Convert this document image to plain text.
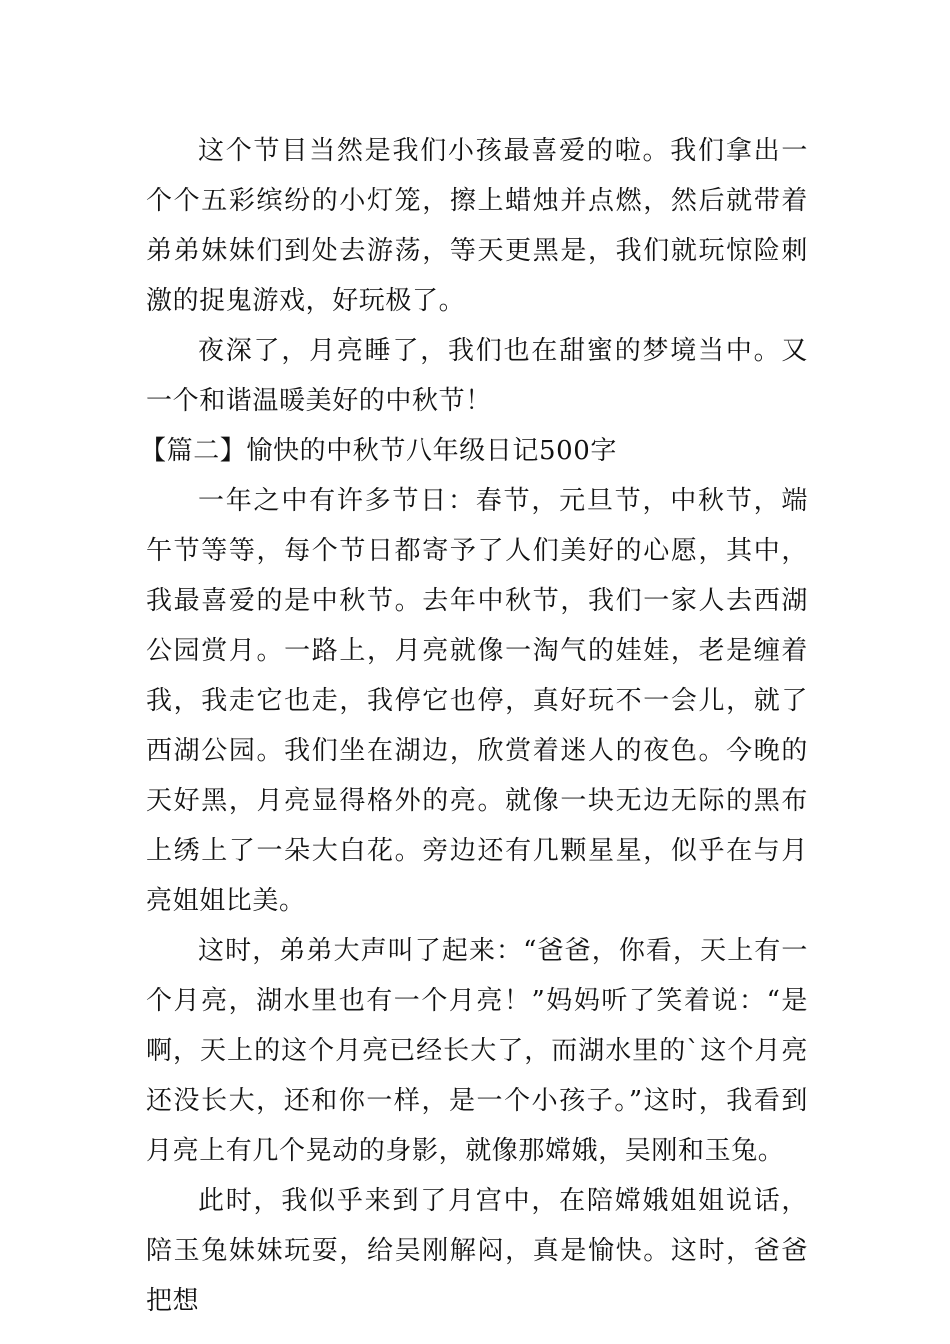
这个节目当然是我们小孩最喜爱的啦。我们拿出一个个五彩缤纷的小灯笼，擦上蜡烛并点燃，然后就带着弟弟妹妹们到处去游荡，等天更黑是，我们就玩惊险刺激的捉鬼游戏，好玩极了。

夜深了，月亮睡了，我们也在甜蜜的梦境当中。又一个和谐温暖美好的中秋节！

【篇二】愉快的中秋节八年级日记500字

一年之中有许多节日：春节，元旦节，中秋节，端午节等等，每个节日都寄予了人们美好的心愿，其中，我最喜爱的是中秋节。去年中秋节，我们一家人去西湖公园赏月。一路上，月亮就像一淘气的娃娃，老是缠着我，我走它也走，我停它也停，真好玩不一会儿，就了西湖公园。我们坐在湖边，欣赏着迷人的夜色。今晚的天好黑，月亮显得格外的亮。就像一块无边无际的黑布上绣上了一朵大白花。旁边还有几颗星星，似乎在与月亮姐姐比美。

这时，弟弟大声叫了起来：“爸爸，你看，天上有一个月亮，湖水里也有一个月亮！”妈妈听了笑着说：“是啊，天上的这个月亮已经长大了，而湖水里的`这个月亮还没长大，还和你一样，是一个小孩子。”这时，我看到月亮上有几个晃动的身影，就像那嫦娥，吴刚和玉兔。

此时，我似乎来到了月宫中，在陪嫦娥姐姐说话，陪玉兔妹妹玩耍，给吴刚解闷，真是愉快。这时，爸爸把想
